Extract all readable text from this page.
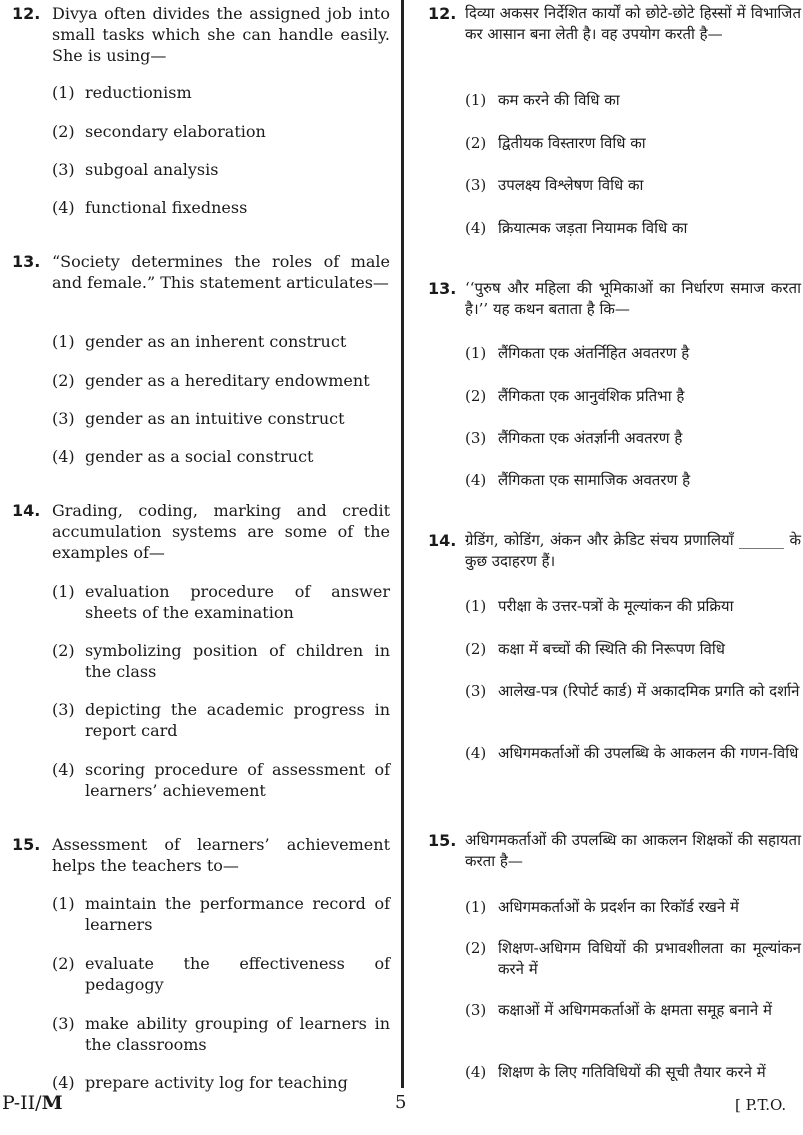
12. Divya often divides the assigned job into small tasks which she can handle easily. She is using—
(1) reductionism
(2) secondary elaboration
(3) subgoal analysis
(4) functional fixedness
13. “Society determines the roles of male and female.” This statement articulates—
(1) gender as an inherent construct
(2) gender as a hereditary endowment
(3) gender as an intuitive construct
(4) gender as a social construct
14. Grading, coding, marking and credit accumulation systems are some of the examples of—
(1) evaluation procedure of answer sheets of the examination
(2) symbolizing position of children in the class
(3) depicting the academic progress in report card
(4) scoring procedure of assessment of learners’ achievement
15. Assessment of learners’ achievement helps the teachers to—
(1) maintain the performance record of learners
(2) evaluate the effectiveness of pedagogy
(3) make ability grouping of learners in the classrooms
(4) prepare activity log for teaching
12. दिव्या अकसर निर्देशित कार्यों को छोटे-छोटे हिस्सों में विभाजित कर आसान बना लेती है। वह उपयोग करती है—
(1) कम करने की विधि का
(2) द्वितीयक विस्तारण विधि का
(3) उपलक्ष्य विश्लेषण विधि का
(4) क्रियात्मक जड़ता नियामक विधि का
13. ‘‘पुरुष और महिला की भूमिकाओं का निर्धारण समाज करता है।’’ यह कथन बताता है कि—
(1) लैंगिकता एक अंतर्निहित अवतरण है
(2) लैंगिकता एक आनुवंशिक प्रतिभा है
(3) लैंगिकता एक अंतर्ज्ञानी अवतरण है
(4) लैंगिकता एक सामाजिक अवतरण है
14. ग्रेडिंग, कोडिंग, अंकन और क्रेडिट संचय प्रणालियाँ ______ के कुछ उदाहरण हैं।
(1) परीक्षा के उत्तर-पत्रों के मूल्यांकन की प्रक्रिया
(2) कक्षा में बच्चों की स्थिति की निरूपण विधि
(3) आलेख-पत्र (रिपोर्ट कार्ड) में अकादमिक प्रगति को दर्शाने
(4) अधिगमकर्ताओं की उपलब्धि के आकलन की गणन-विधि
15. अधिगमकर्ताओं की उपलब्धि का आकलन शिक्षकों की सहायता करता है—
(1) अधिगमकर्ताओं के प्रदर्शन का रिकॉर्ड रखने में
(2) शिक्षण-अधिगम विधियों की प्रभावशीलता का मूल्यांकन करने में
(3) कक्षाओं में अधिगमकर्ताओं के क्षमता समूह बनाने में
(4) शिक्षण के लिए गतिविधियों की सूची तैयार करने में
P-II/M	5	[ P.T.O.
